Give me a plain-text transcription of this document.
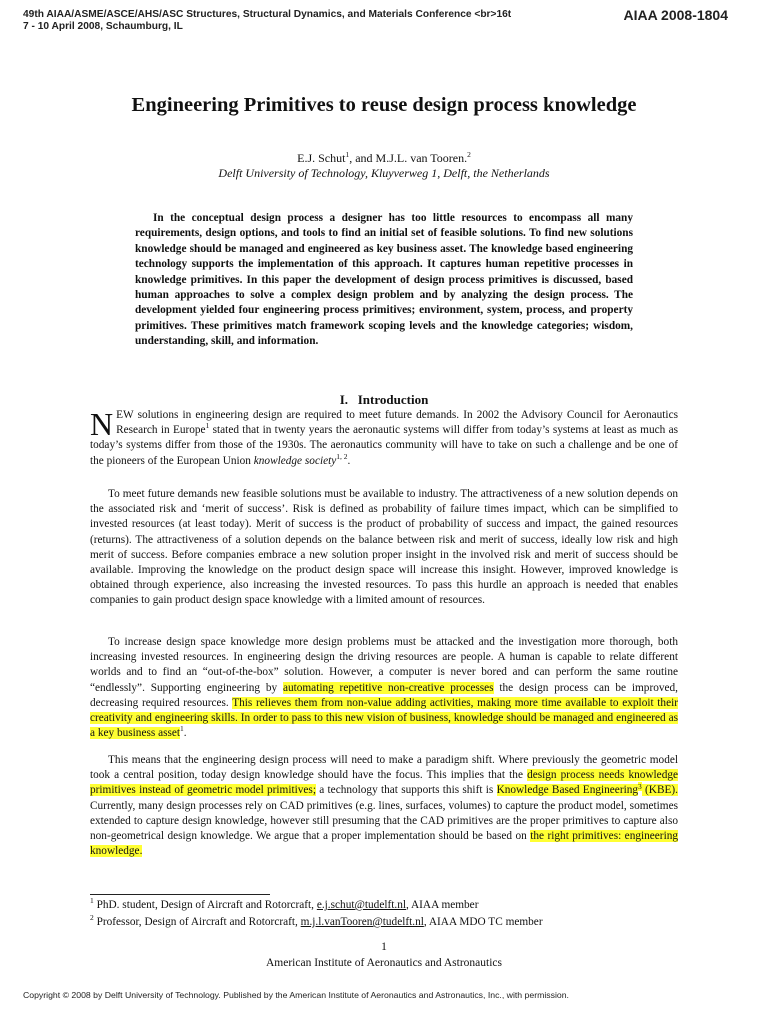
49th AIAA/ASME/ASCE/AHS/ASC Structures, Structural Dynamics, and Materials Conference <br>16t
7 - 10 April 2008, Schaumburg, IL
AIAA 2008-1804
Engineering Primitives to reuse design process knowledge
E.J. Schut$^1$, and M.J.L. van Tooren.$^2$
Delft University of Technology, Kluyverweg 1, Delft, the Netherlands
In the conceptual design process a designer has too little resources to encompass all many requirements, design options, and tools to find an initial set of feasible solutions. To find new solutions knowledge should be managed and engineered as key business asset. The knowledge based engineering technology supports the implementation of this approach. It captures human repetitive processes in knowledge primitives. In this paper the development of design process primitives is discussed, based human approaches to solve a complex design problem and by analyzing the design process. The development yielded four engineering process primitives; environment, system, process, and property primitives. These primitives match framework scoping levels and the knowledge categories; wisdom, understanding, skill, and information.
I. Introduction
NEW solutions in engineering design are required to meet future demands. In 2002 the Advisory Council for Aeronautics Research in Europe$^1$ stated that in twenty years the aeronautic systems will differ from today’s systems at least as much as today’s systems differ from those of the 1930s. The aeronautics community will have to take on such a challenge and be one of the pioneers of the European Union knowledge society$^{1, 2}$.
To meet future demands new feasible solutions must be available to industry. The attractiveness of a new solution depends on the associated risk and ‘merit of success’. Risk is defined as probability of failure times impact, which can be simplified to invested resources (at least today). Merit of success is the product of probability of success and impact, the gained resources (returns). The attractiveness of a solution depends on the balance between risk and merit of success, ideally low risk and high merit of success. Before companies embrace a new solution proper insight in the involved risk and merit of success should be available. Improving the knowledge on the product design space will increase this insight. However, improved knowledge is obtained through experience, also increasing the invested resources. To pass this hurdle an approach is needed that enables companies to gain product design space knowledge with a limited amount of resources.
To increase design space knowledge more design problems must be attacked and the investigation more thorough, both increasing invested resources. In engineering design the driving resources are people. A human is capable to relate different worlds and to find an “out-of-the-box” solution. However, a computer is never bored and can perform the same routine “endlessly”. Supporting engineering by automating repetitive non-creative processes the design process can be improved, decreasing required resources. This relieves them from non-value adding activities, making more time available to exploit their creativity and engineering skills. In order to pass to this new vision of business, knowledge should be managed and engineered as a key business asset$^1$.
This means that the engineering design process will need to make a paradigm shift. Where previously the geometric model took a central position, today design knowledge should have the focus. This implies that the design process needs knowledge primitives instead of geometric model primitives; a technology that supports this shift is Knowledge Based Engineering$^3$ (KBE). Currently, many design processes rely on CAD primitives (e.g. lines, surfaces, volumes) to capture the product model, sometimes extended to capture design knowledge, however still presuming that the CAD primitives are the proper primitives to capture also non-geometrical design knowledge. We argue that a proper implementation should be based on the right primitives: engineering knowledge.
$^1$ PhD. student, Design of Aircraft and Rotorcraft, e.j.schut@tudelft.nl, AIAA member
$^2$ Professor, Design of Aircraft and Rotorcraft, m.j.l.vanTooren@tudelft.nl, AIAA MDO TC member
1
American Institute of Aeronautics and Astronautics
Copyright © 2008 by Delft University of Technology. Published by the American Institute of Aeronautics and Astronautics, Inc., with permission.
